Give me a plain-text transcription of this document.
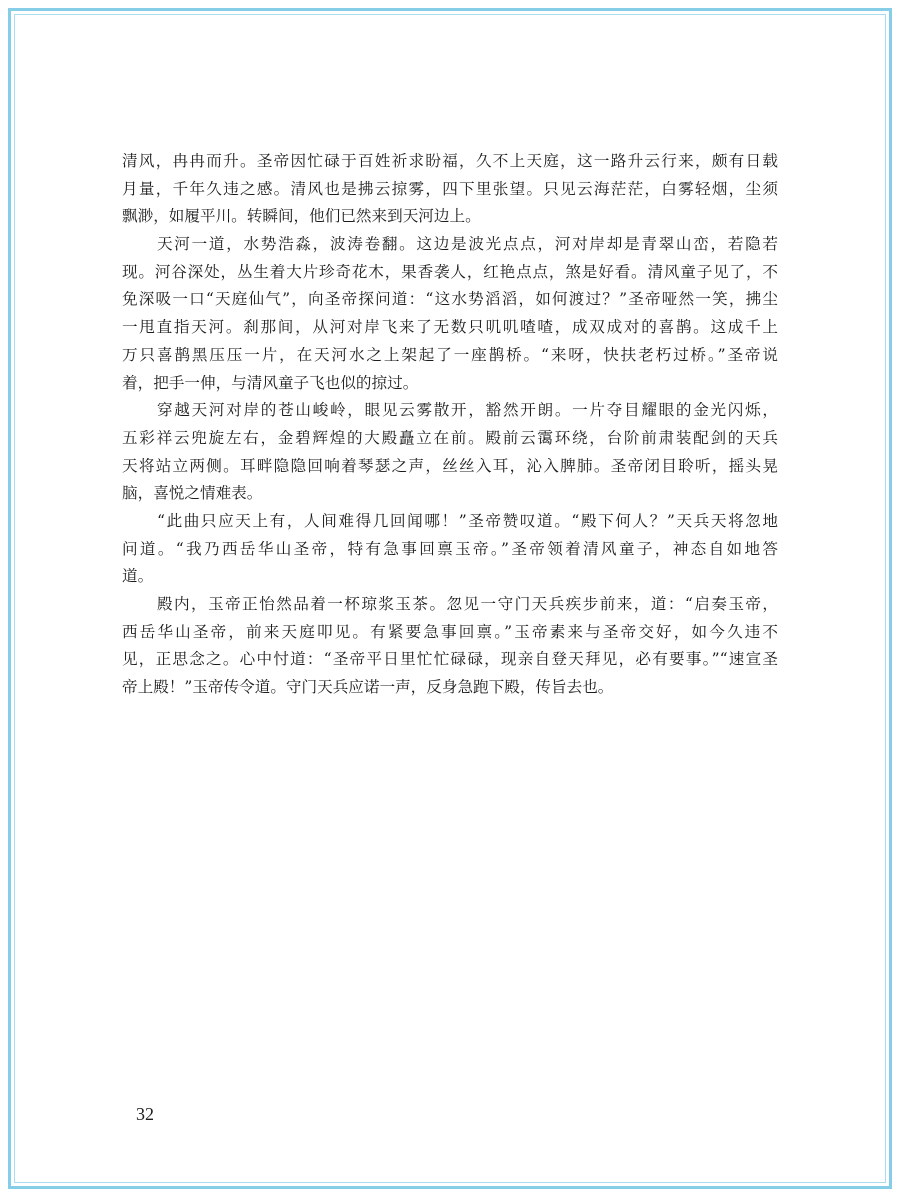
清风，冉冉而升。圣帝因忙碌于百姓祈求盼福，久不上天庭，这一路升云行来，颇有日载
月量，千年久违之感。清风也是拂云掠雾，四下里张望。只见云海茫茫，白雾轻烟，尘须
飘渺，如履平川。转瞬间，他们已然来到天河边上。
天河一道，水势浩淼，波涛卷翻。这边是波光点点，河对岸却是青翠山峦，若隐若
现。河谷深处，丛生着大片珍奇花木，果香袭人，红艳点点，煞是好看。清风童子见了，不
免深吸一口“天庭仙气”，向圣帝探问道：“这水势滔滔，如何渡过？”圣帝哑然一笑，拂尘
一甩直指天河。刹那间，从河对岸飞来了无数只叽叽喳喳，成双成对的喜鹊。这成千上
万只喜鹊黑压压一片，在天河水之上架起了一座鹊桥。“来呀，快扶老朽过桥。”圣帝说
着，把手一伸，与清风童子飞也似的掠过。
穿越天河对岸的苍山峻岭，眼见云雾散开，豁然开朗。一片夺目耀眼的金光闪烁，
五彩祥云兜旋左右，金碧辉煌的大殿矗立在前。殿前云霭环绕，台阶前肃装配剑的天兵
天将站立两侧。耳畔隐隐回响着琴瑟之声，丝丝入耳，沁入脾肺。圣帝闭目聆听，摇头晃
脑，喜悦之情难表。
“此曲只应天上有，人间难得几回闻哪！”圣帝赞叹道。“殿下何人？”天兵天将忽地
问道。“我乃西岳华山圣帝，特有急事回禀玉帝。”圣帝领着清风童子，神态自如地答
道。
殿内，玉帝正怡然品着一杯琼浆玉茶。忽见一守门天兵疾步前来，道：“启奏玉帝，
西岳华山圣帝，前来天庭叩见。有紧要急事回禀。”玉帝素来与圣帝交好，如今久违不
见，正思念之。心中忖道：“圣帝平日里忙忙碌碌，现亲自登天拜见，必有要事。”“速宣圣
帝上殿！”玉帝传令道。守门天兵应诺一声，反身急跑下殿，传旨去也。
32
